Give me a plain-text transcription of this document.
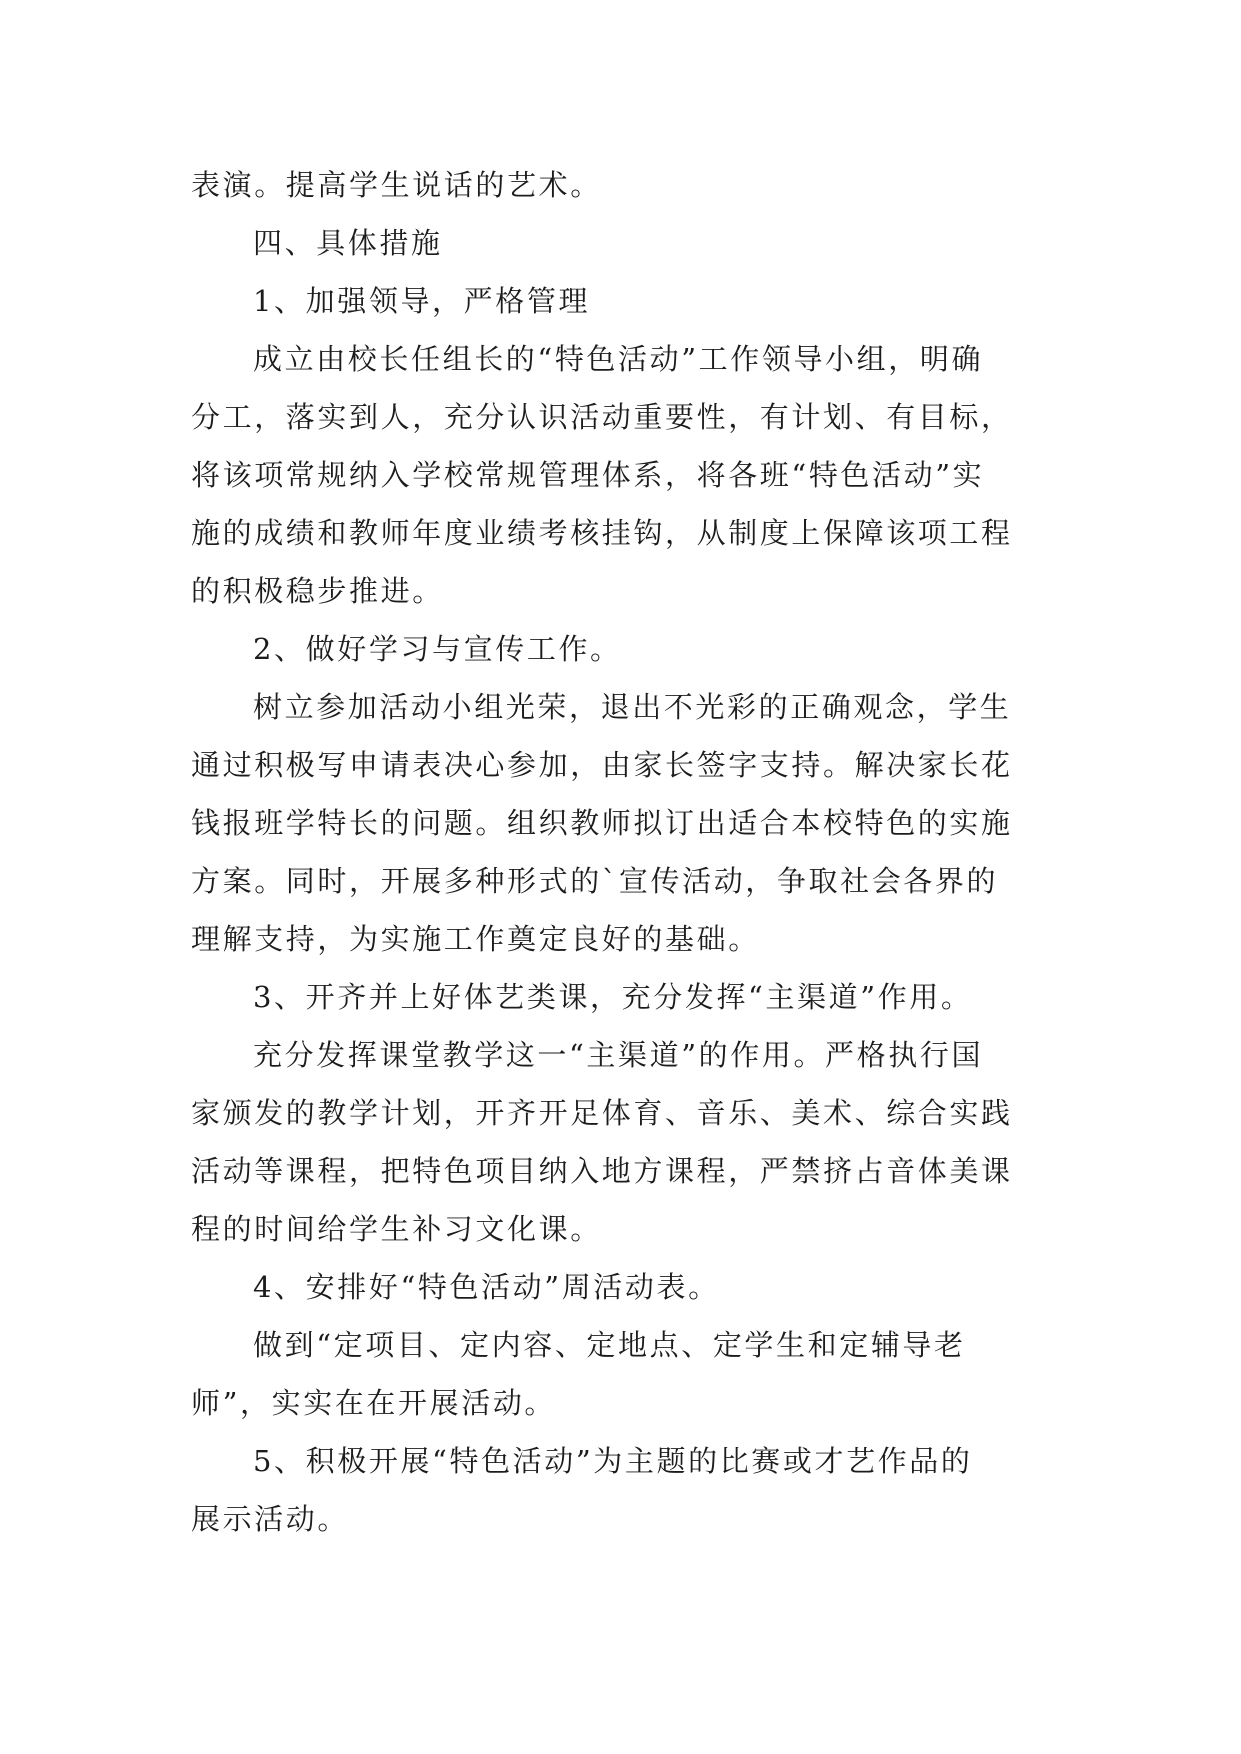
表演。提高学生说话的艺术。
四、具体措施
1、加强领导，严格管理
成立由校长任组长的“特色活动”工作领导小组，明确
分工，落实到人，充分认识活动重要性，有计划、有目标，
将该项常规纳入学校常规管理体系，将各班“特色活动”实
施的成绩和教师年度业绩考核挂钩，从制度上保障该项工程
的积极稳步推进。
2、做好学习与宣传工作。
树立参加活动小组光荣，退出不光彩的正确观念，学生
通过积极写申请表决心参加，由家长签字支持。解决家长花
钱报班学特长的问题。组织教师拟订出适合本校特色的实施
方案。同时，开展多种形式的`宣传活动，争取社会各界的
理解支持，为实施工作奠定良好的基础。
3、开齐并上好体艺类课，充分发挥“主渠道”作用。
充分发挥课堂教学这一“主渠道”的作用。严格执行国
家颁发的教学计划，开齐开足体育、音乐、美术、综合实践
活动等课程，把特色项目纳入地方课程，严禁挤占音体美课
程的时间给学生补习文化课。
4、安排好“特色活动”周活动表。
做到“定项目、定内容、定地点、定学生和定辅导老
师”，实实在在开展活动。
5、积极开展“特色活动”为主题的比赛或才艺作品的
展示活动。
